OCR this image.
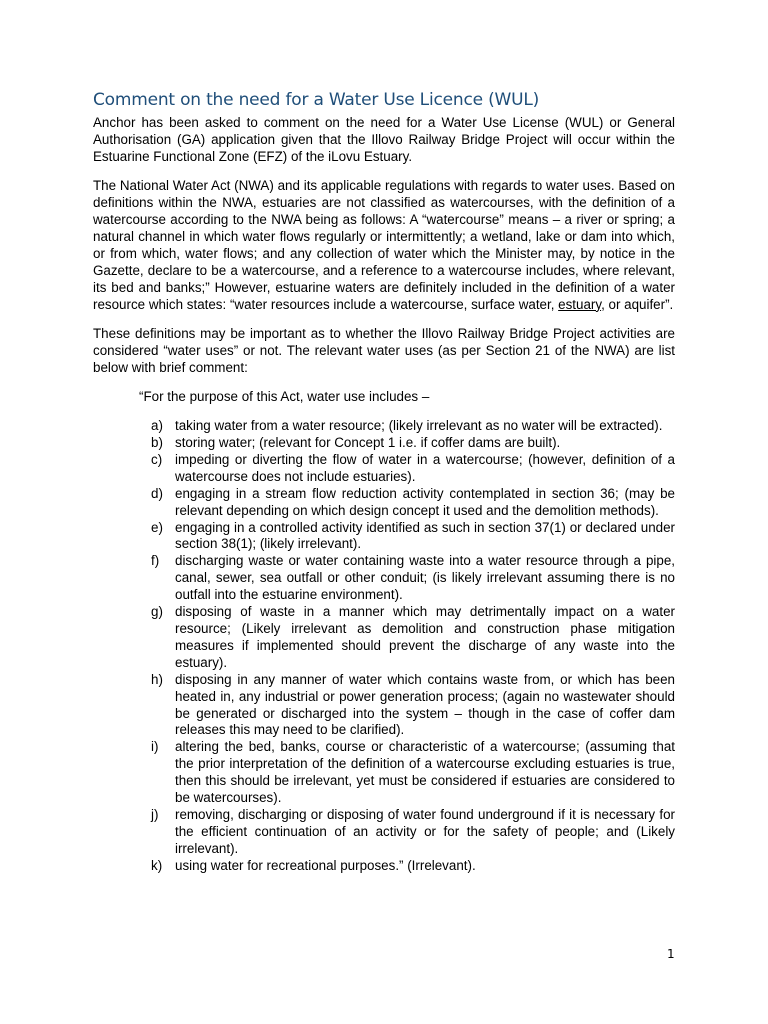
Comment on the need for a Water Use Licence (WUL)

Anchor has been asked to comment on the need for a Water Use License (WUL) or General Authorisation (GA) application given that the Illovo Railway Bridge Project will occur within the Estuarine Functional Zone (EFZ) of the iLovu Estuary.

The National Water Act (NWA) and its applicable regulations with regards to water uses. Based on definitions within the NWA, estuaries are not classified as watercourses, with the definition of a watercourse according to the NWA being as follows: A “watercourse” means – a river or spring; a natural channel in which water flows regularly or intermittently; a wetland, lake or dam into which, or from which, water flows; and any collection of water which the Minister may, by notice in the Gazette, declare to be a watercourse, and a reference to a watercourse includes, where relevant, its bed and banks;” However, estuarine waters are definitely included in the definition of a water resource which states: “water resources include a watercourse, surface water, estuary, or aquifer”.

These definitions may be important as to whether the Illovo Railway Bridge Project activities are considered “water uses” or not. The relevant water uses (as per Section 21 of the NWA) are list below with brief comment:

“For the purpose of this Act, water use includes –

a) taking water from a water resource; (likely irrelevant as no water will be extracted).
b) storing water; (relevant for Concept 1 i.e. if coffer dams are built).
c) impeding or diverting the flow of water in a watercourse; (however, definition of a watercourse does not include estuaries).
d) engaging in a stream flow reduction activity contemplated in section 36; (may be relevant depending on which design concept it used and the demolition methods).
e) engaging in a controlled activity identified as such in section 37(1) or declared under section 38(1); (likely irrelevant).
f) discharging waste or water containing waste into a water resource through a pipe, canal, sewer, sea outfall or other conduit; (is likely irrelevant assuming there is no outfall into the estuarine environment).
g) disposing of waste in a manner which may detrimentally impact on a water resource; (Likely irrelevant as demolition and construction phase mitigation measures if implemented should prevent the discharge of any waste into the estuary).
h) disposing in any manner of water which contains waste from, or which has been heated in, any industrial or power generation process; (again no wastewater should be generated or discharged into the system – though in the case of coffer dam releases this may need to be clarified).
i) altering the bed, banks, course or characteristic of a watercourse; (assuming that the prior interpretation of the definition of a watercourse excluding estuaries is true, then this should be irrelevant, yet must be considered if estuaries are considered to be watercourses).
j) removing, discharging or disposing of water found underground if it is necessary for the efficient continuation of an activity or for the safety of people; and (Likely irrelevant).
k) using water for recreational purposes.” (Irrelevant).
1
